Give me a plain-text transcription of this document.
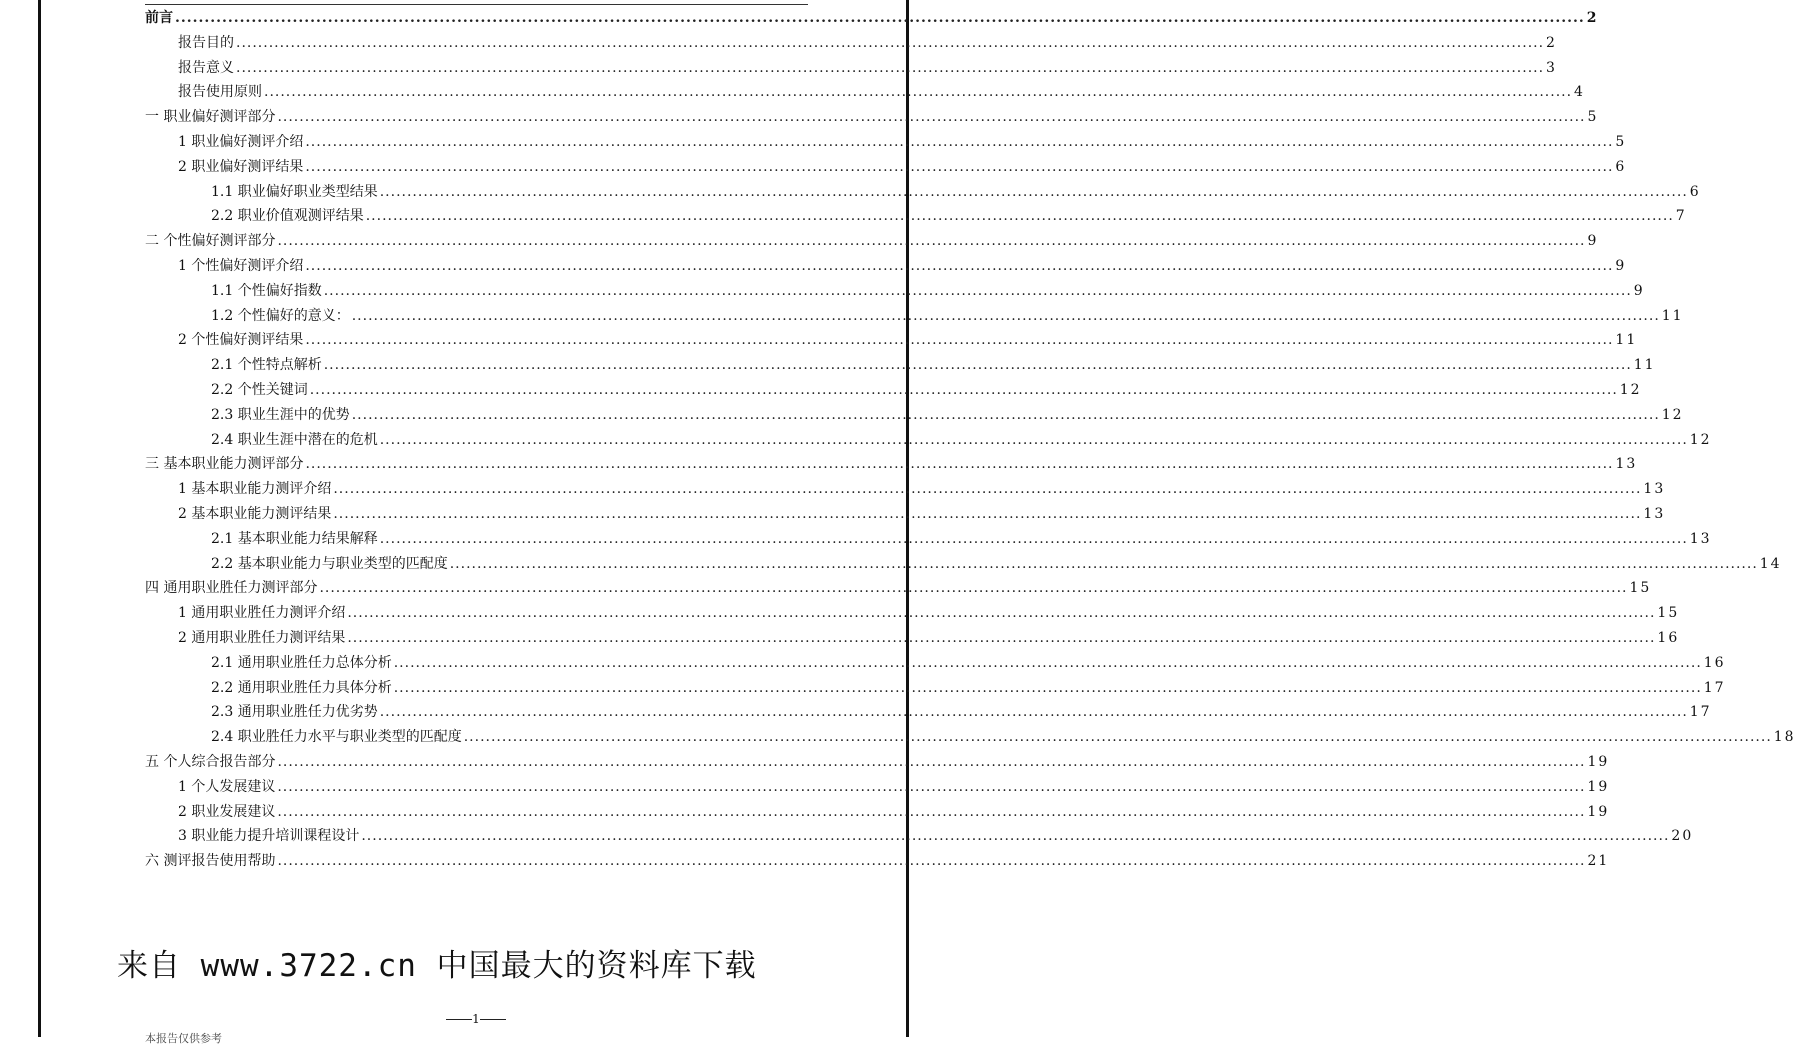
前言 .....	2
报告目的 .....	2
报告意义 .....	3
报告使用原则 .....	4
一 职业偏好测评部分 .....	5
1 职业偏好测评介绍 .....	5
2 职业偏好测评结果 .....	6
1.1 职业偏好职业类型结果 .....	6
2.2 职业价值观测评结果 .....	7
二 个性偏好测评部分 .....	9
1 个性偏好测评介绍 .....	9
1.1 个性偏好指数 .....	9
1.2 个性偏好的意义： .....	11
2 个性偏好测评结果 .....	11
2.1 个性特点解析 .....	11
2.2 个性关键词 .....	12
2.3 职业生涯中的优势 .....	12
2.4 职业生涯中潜在的危机 .....	12
三 基本职业能力测评部分 .....	13
1 基本职业能力测评介绍 .....	13
2 基本职业能力测评结果 .....	13
2.1 基本职业能力结果解释 .....	13
2.2 基本职业能力与职业类型的匹配度 .....	14
四 通用职业胜任力测评部分 .....	15
1 通用职业胜任力测评介绍 .....	15
2 通用职业胜任力测评结果 .....	16
2.1 通用职业胜任力总体分析 .....	16
2.2 通用职业胜任力具体分析 .....	17
2.3 通用职业胜任力优劣势 .....	17
2.4 职业胜任力水平与职业类型的匹配度 .....	18
五 个人综合报告部分 .....	19
1 个人发展建议 .....	19
2 职业发展建议 .....	19
3 职业能力提升培训课程设计 .....	20
六 测评报告使用帮助 .....	21
来自 www.3722.cn 中国最大的资料库下载
1
本报告仅供参考
